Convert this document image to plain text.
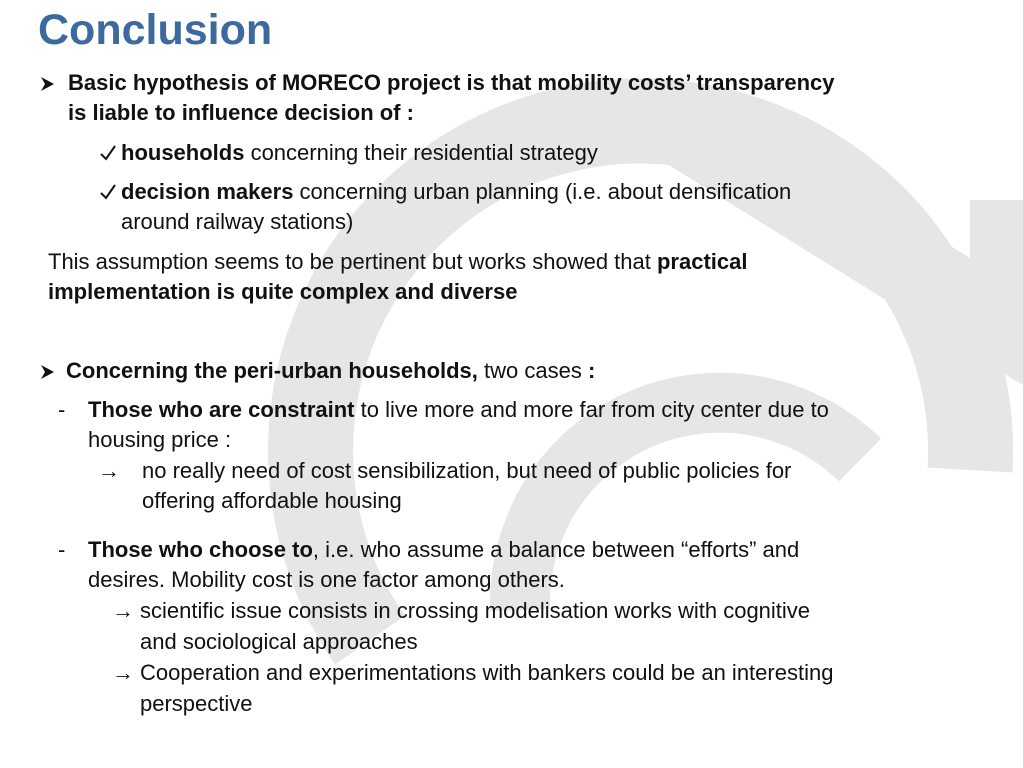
Conclusion
Basic hypothesis of MORECO project is that mobility costs’ transparency
is liable to influence decision of :
households concerning their residential strategy
decision makers concerning urban planning (i.e. about densification
around railway stations)
This assumption seems to be pertinent but works showed that practical
implementation is quite complex and diverse
Concerning the peri-urban households, two cases :
- Those who are constraint to live more and more far from city center due to
housing price :
→ no really need of cost sensibilization, but need of public policies for
offering affordable housing
- Those who choose to, i.e. who assume a balance between “efforts” and
desires. Mobility cost is one factor among others.
→ scientific issue consists in crossing modelisation works with cognitive
and sociological approaches
→ Cooperation and experimentations with bankers could be an interesting
perspective
